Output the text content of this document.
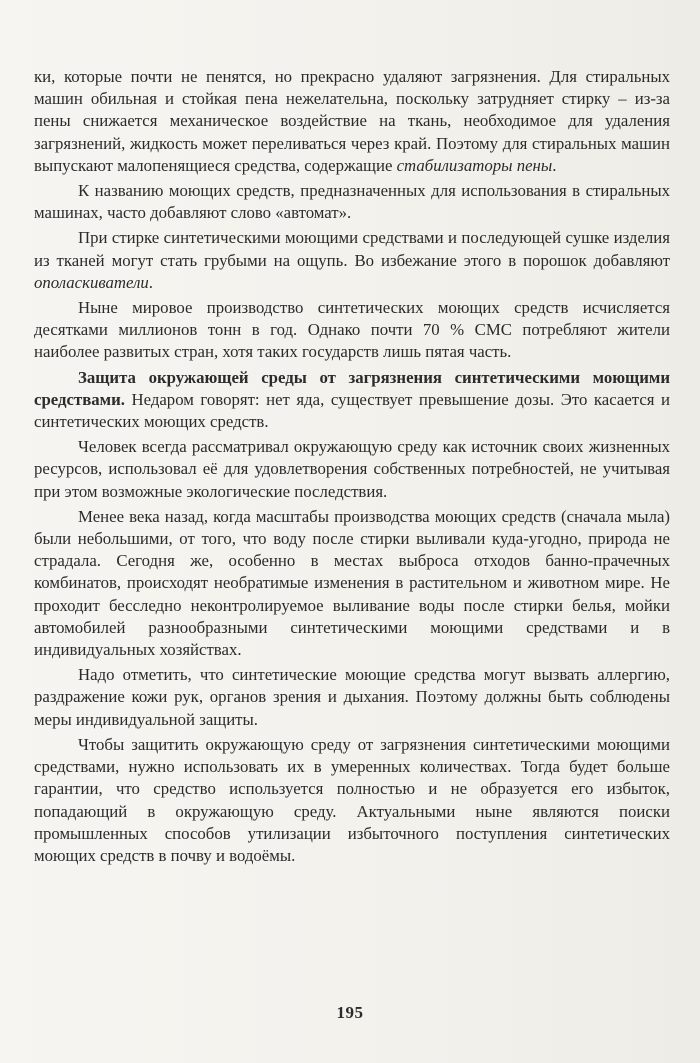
ки, которые почти не пенятся, но прекрасно удаляют загрязнения. Для стиральных машин обильная и стойкая пена нежелательна, поскольку затрудняет стирку – из-за пены снижается механическое воздействие на ткань, необходимое для удаления загрязнений, жидкость может переливаться через край. Поэтому для стиральных машин выпускают малопенящиеся средства, содержащие стабилизаторы пены.

К названию моющих средств, предназначенных для использования в стиральных машинах, часто добавляют слово «автомат».

При стирке синтетическими моющими средствами и последующей сушке изделия из тканей могут стать грубыми на ощупь. Во избежание этого в порошок добавляют ополаскиватели.

Ныне мировое производство синтетических моющих средств исчисляется десятками миллионов тонн в год. Однако почти 70 % СМС потребляют жители наиболее развитых стран, хотя таких государств лишь пятая часть.

Защита окружающей среды от загрязнения синтетическими моющими средствами. Недаром говорят: нет яда, существует превышение дозы. Это касается и синтетических моющих средств.

Человек всегда рассматривал окружающую среду как источник своих жизненных ресурсов, использовал её для удовлетворения собственных потребностей, не учитывая при этом возможные экологические последствия.

Менее века назад, когда масштабы производства моющих средств (сначала мыла) были небольшими, от того, что воду после стирки выливали куда-угодно, природа не страдала. Сегодня же, особенно в местах выброса отходов банно-прачечных комбинатов, происходят необратимые изменения в растительном и животном мире. Не проходит бесследно неконтролируемое выливание воды после стирки белья, мойки автомобилей разнообразными синтетическими моющими средствами и в индивидуальных хозяйствах.

Надо отметить, что синтетические моющие средства могут вызвать аллергию, раздражение кожи рук, органов зрения и дыхания. Поэтому должны быть соблюдены меры индивидуальной защиты.

Чтобы защитить окружающую среду от загрязнения синтетическими моющими средствами, нужно использовать их в умеренных количествах. Тогда будет больше гарантии, что средство используется полностью и не образуется его избыток, попадающий в окружающую среду. Актуальными ныне являются поиски промышленных способов утилизации избыточного поступления синтетических моющих средств в почву и водоёмы.

195
